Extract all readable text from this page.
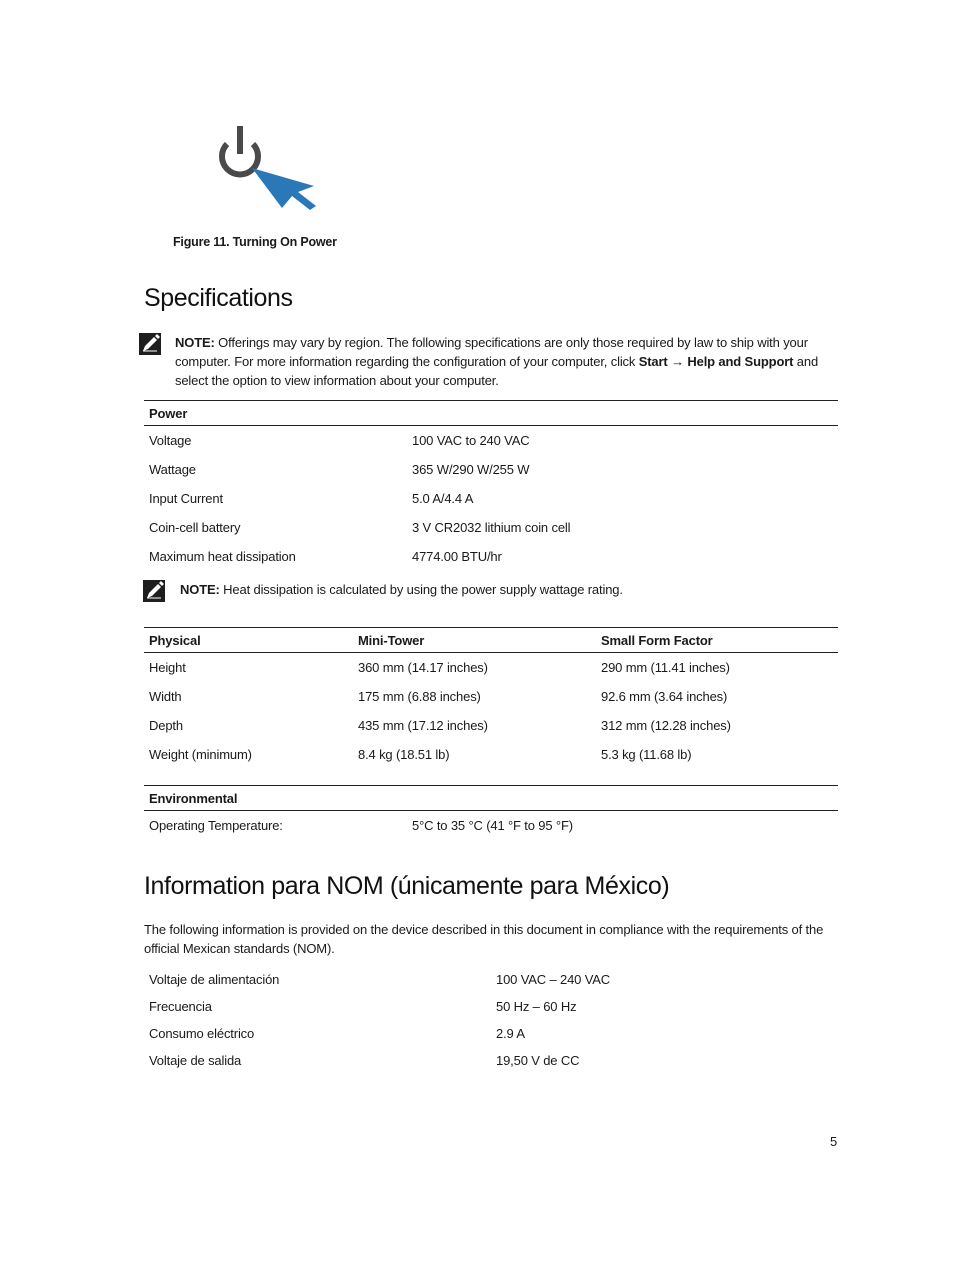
Figure 11. Turning On Power
Specifications
NOTE: Offerings may vary by region. The following specifications are only those required by law to ship with your computer. For more information regarding the configuration of your computer, click Start → Help and Support and select the option to view information about your computer.
Power	
Voltage	100 VAC to 240 VAC
Wattage	365 W/290 W/255 W
Input Current	5.0 A/4.4 A
Coin-cell battery	3 V CR2032 lithium coin cell
Maximum heat dissipation	4774.00 BTU/hr
NOTE: Heat dissipation is calculated by using the power supply wattage rating.
Physical	Mini-Tower	Small Form Factor
Height	360 mm (14.17 inches)	290 mm (11.41 inches)
Width	175 mm (6.88 inches)	92.6 mm (3.64 inches)
Depth	435 mm (17.12 inches)	312 mm (12.28 inches)
Weight (minimum)	8.4 kg (18.51 lb)	5.3 kg (11.68 lb)
Environmental
Operating Temperature:	5°C to 35 °C (41 °F to 95 °F)
Information para NOM (únicamente para México)
The following information is provided on the device described in this document in compliance with the requirements of the official Mexican standards (NOM).
Voltaje de alimentación	100 VAC – 240 VAC
Frecuencia	50 Hz – 60 Hz
Consumo eléctrico	2.9 A
Voltaje de salida	19,50 V de CC
5
